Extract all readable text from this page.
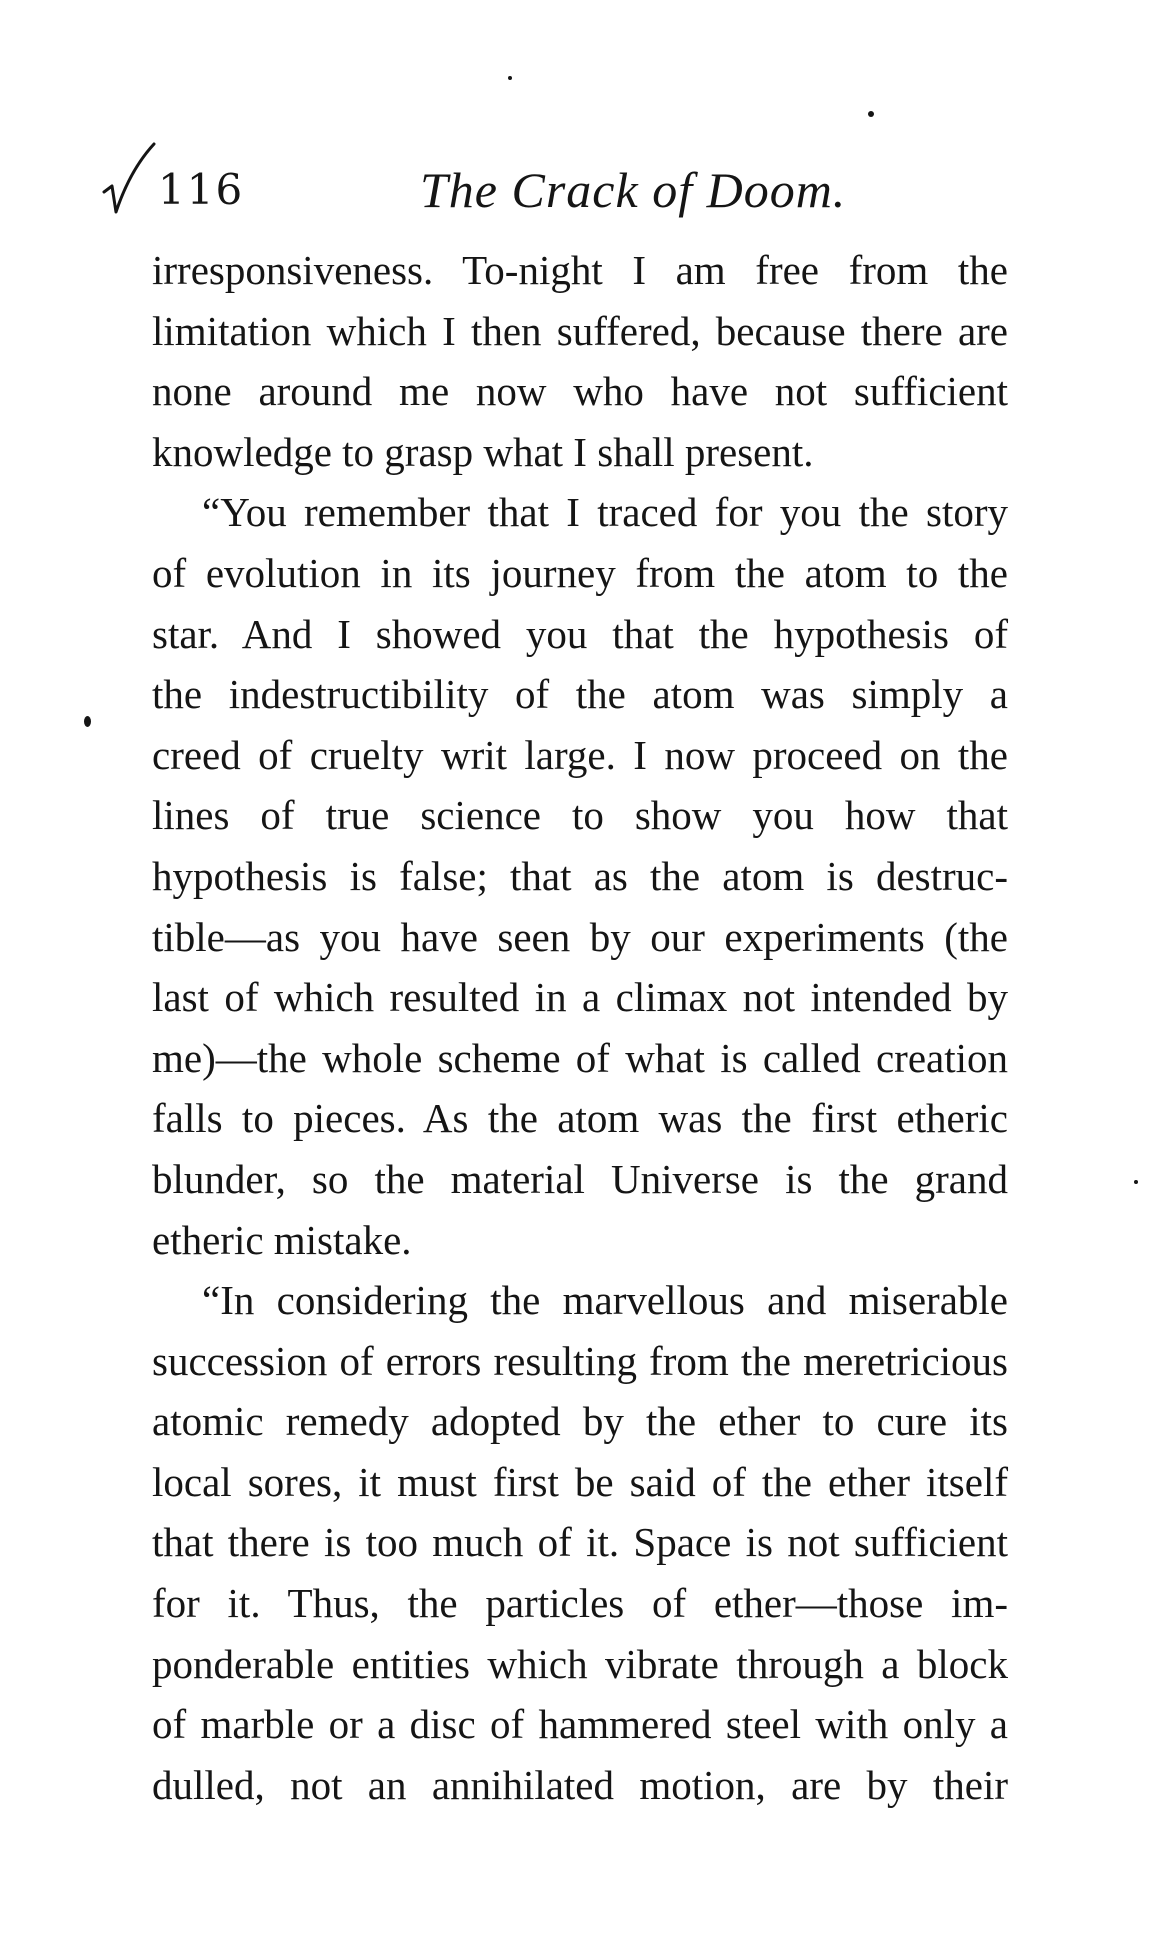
116	The Crack of Doom.
irresponsiveness. To-night I am free from the
limitation which I then suffered, because there are
none around me now who have not sufficient
knowledge to grasp what I shall present.
“You remember that I traced for you the story
of evolution in its journey from the atom to the
star. And I showed you that the hypothesis of
the indestructibility of the atom was simply a
creed of cruelty writ large. I now proceed on the
lines of true science to show you how that
hypothesis is false; that as the atom is destruc-
tible—as you have seen by our experiments (the
last of which resulted in a climax not intended by
me)—the whole scheme of what is called creation
falls to pieces. As the atom was the first etheric
blunder, so the material Universe is the grand
etheric mistake.
“In considering the marvellous and miserable
succession of errors resulting from the meretricious
atomic remedy adopted by the ether to cure its
local sores, it must first be said of the ether itself
that there is too much of it. Space is not sufficient
for it. Thus, the particles of ether—those im-
ponderable entities which vibrate through a block
of marble or a disc of hammered steel with only a
dulled, not an annihilated motion, are by their
